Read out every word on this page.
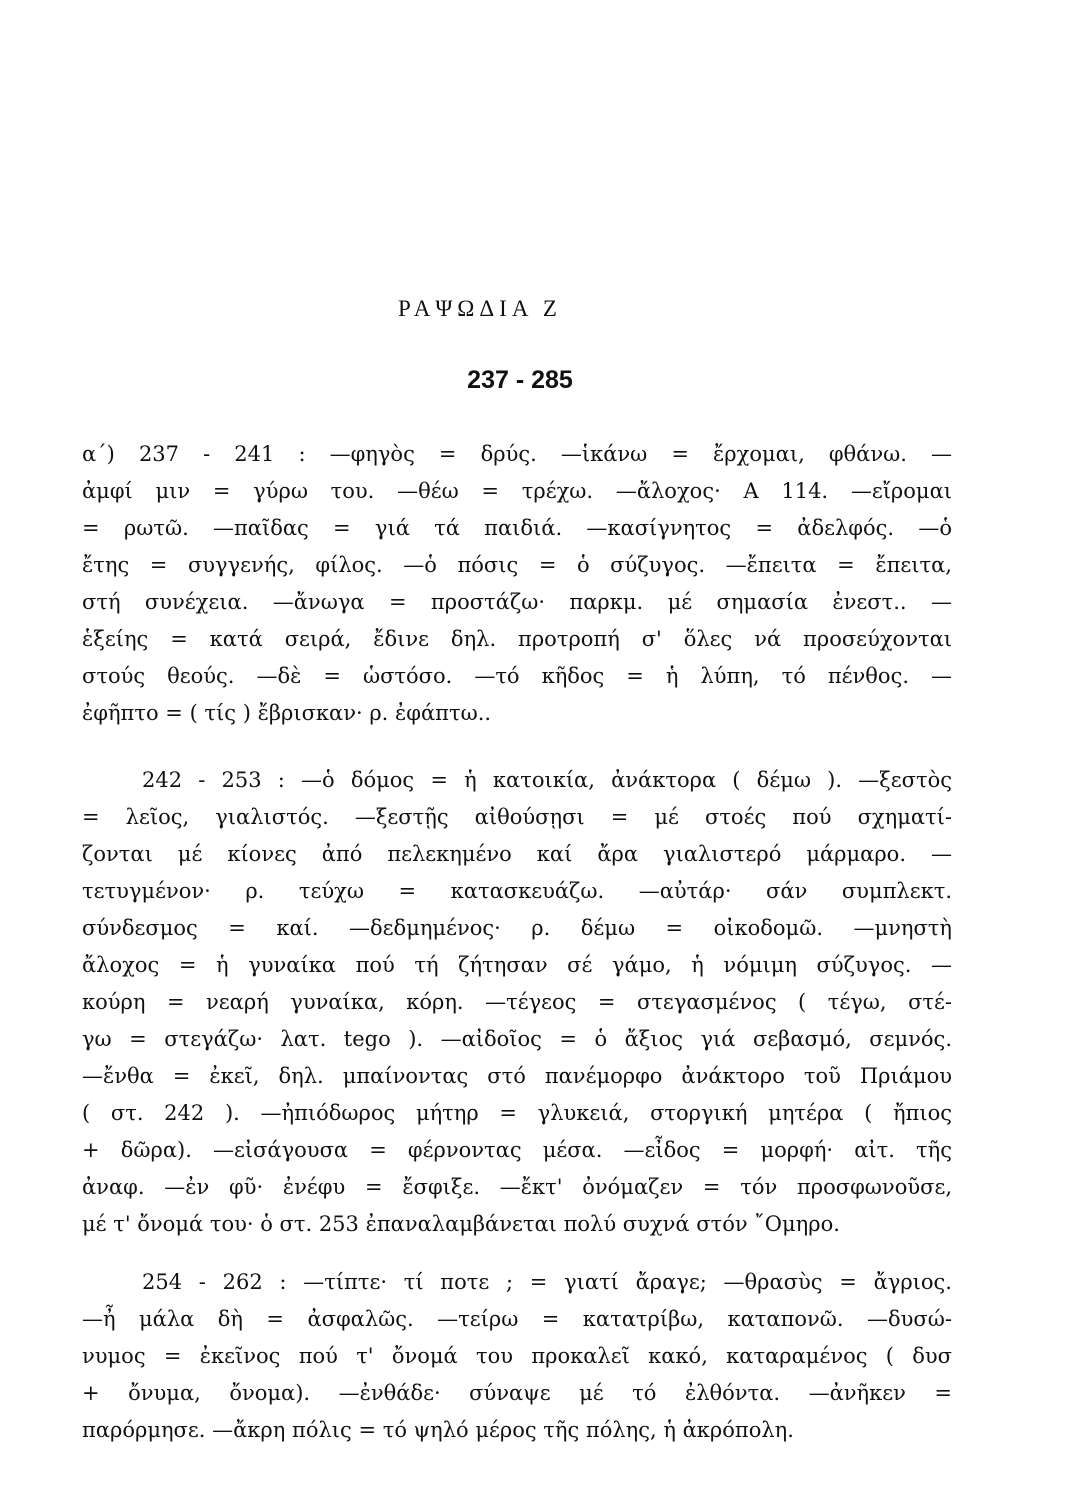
ΡΑΨΩΔΙΑ Ζ
237 - 285
α΄) 237 - 241 : —φηγὸς = δρύς. —ἱκάνω = ἔρχομαι, φθάνω. —
ἀμφί μιν = γύρω του. —θέω = τρέχω. —ἄλοχος· Α 114. —εἴρομαι
= ρωτῶ. —παῖδας = γιά τά παιδιά. —κασίγνητος = ἀδελφός. —ὁ
ἔτης = συγγενής, φίλος. —ὁ πόσις = ὁ σύζυγος. —ἔπειτα = ἔπειτα,
στή συνέχεια. —ἄνωγα = προστάζω· παρκμ. μέ σημασία ἐνεστ.. —
ἑξείης = κατά σειρά, ἔδινε δηλ. προτροπή σ' ὅλες νά προσεύχονται
στούς θεούς. —δὲ = ὡστόσο. —τό κῆδος = ἡ λύπη, τό πένθος. —
ἐφῆπτο = ( τίς ) ἔβρισκαν· ρ. ἐφάπτω..
242 - 253 : —ὁ δόμος = ἡ κατοικία, ἀνάκτορα ( δέμω ). —ξεστὸς
= λεῖος, γιαλιστός. —ξεστῇς αἰθούσῃσι = μέ στοές πού σχηματί-
ζονται μέ κίονες ἀπό πελεκημένο καί ἄρα γιαλιστερό μάρμαρο. —
τετυγμένον· ρ. τεύχω = κατασκευάζω. —αὐτάρ· σάν συμπλεκτ.
σύνδεσμος = καί. —δεδμημένος· ρ. δέμω = οἰκοδομῶ. —μνηστὴ
ἄλοχος = ἡ γυναίκα πού τή ζήτησαν σέ γάμο, ἡ νόμιμη σύζυγος. —
κούρη = νεαρή γυναίκα, κόρη. —τέγεος = στεγασμένος ( τέγω, στέ-
γω = στεγάζω· λατ. tego ). —αἰδοῖος = ὁ ἄξιος γιά σεβασμό, σεμνός.
—ἔνθα = ἐκεῖ, δηλ. μπαίνοντας στό πανέμορφο ἀνάκτορο τοῦ Πριάμου
( στ. 242 ). —ἠπιόδωρος μήτηρ = γλυκειά, στοργική μητέρα ( ἤπιος
+ δῶρα). —εἰσάγουσα = φέρνοντας μέσα. —εἶδος = μορφή· αἰτ. τῆς
ἀναφ. —ἐν φῦ· ἐνέφυ = ἔσφιξε. —ἔκτ' ὀνόμαζεν = τόν προσφωνοῦσε,
μέ τ' ὄνομά του· ὁ στ. 253 ἐπαναλαμβάνεται πολύ συχνά στόν ῎Ομηρο.
254 - 262 : —τίπτε· τί ποτε ; = γιατί ἄραγε; —θρασὺς = ἄγριος.
—ἦ μάλα δὴ = ἀσφαλῶς. —τείρω = κατατρίβω, καταπονῶ. —δυσώ-
νυμος = ἐκεῖνος πού τ' ὄνομά του προκαλεῖ κακό, καταραμένος ( δυσ
+ ὄνυμα, ὄνομα). —ἐνθάδε· σύναψε μέ τό ἐλθόντα. —ἀνῆκεν =
παρόρμησε. —ἄκρη πόλις = τό ψηλό μέρος τῆς πόλης, ἡ ἀκρόπολη.
